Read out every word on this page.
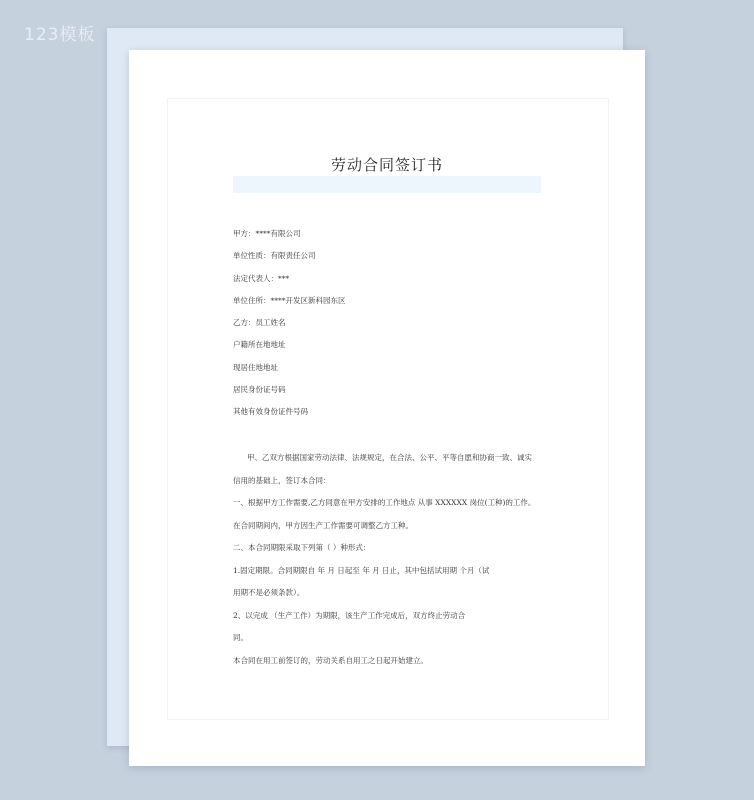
123模板
劳动合同签订书
甲方：****有限公司
单位性质：有限责任公司
法定代表人：***
单位住所：****开发区新科园东区
乙方：员工姓名
户籍所在地地址
现居住地地址
居民身份证号码
其他有效身份证件号码

甲、乙双方根据国家劳动法律、法规规定，在合法、公平、平等自愿和协商一致、诚实

信用的基础上，签订本合同：

一、根据甲方工作需要,乙方同意在甲方安排的工作地点 从事 XXXXXX 岗位(工种)的工作。

在合同期间内，甲方因生产工作需要可调整乙方工种。

二、本合同期限采取下列第（ ）种形式：

1.固定期限。合同期限自 年 月 日起至 年 月 日止，其中包括试用期 个月（试

用期不是必须条款）。

2、以完成 （生产工作）为期限，该生产工作完成后，双方终止劳动合

同。

本合同在用工前签订的，劳动关系自用工之日起开始建立。
